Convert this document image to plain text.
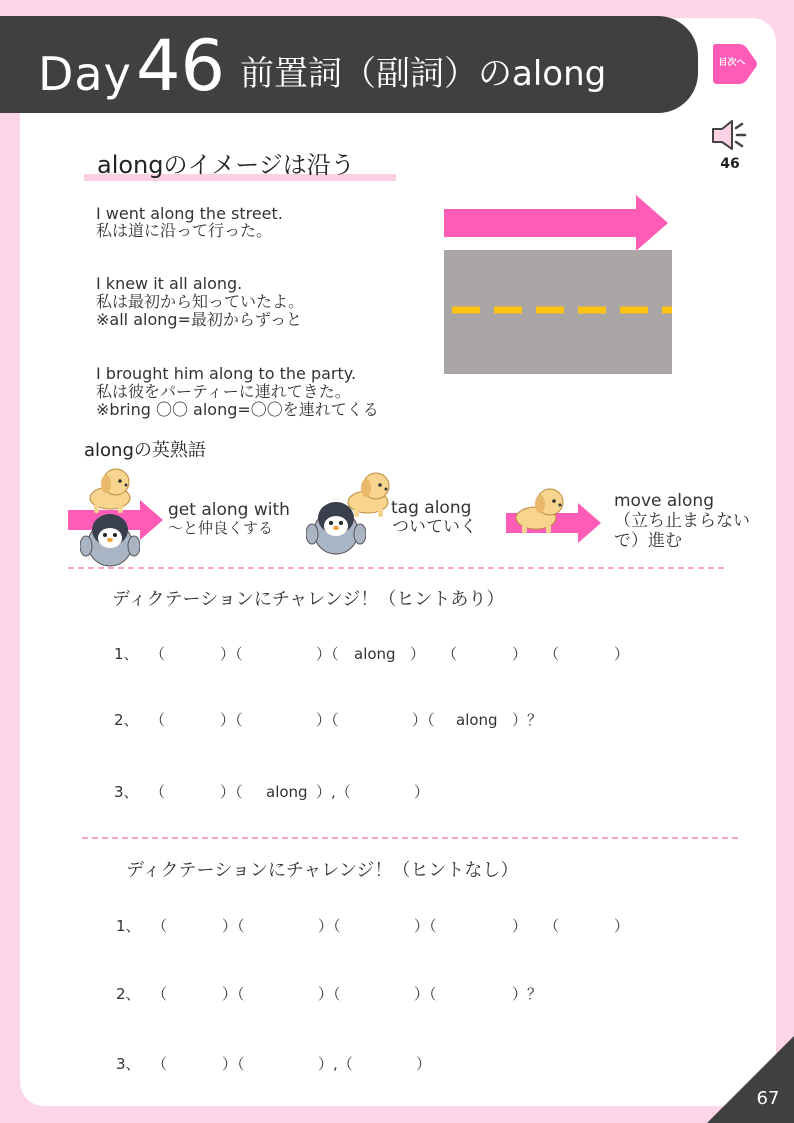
Day 46 前置詞（副詞）のalong	目次へ
46
alongのイメージは沿う
I went along the street.
私は道に沿って行った。
I knew it all along.
私は最初から知っていたよ。
※all along=最初からずっと
I brought him along to the party.
私は彼をパーティーに連れてきた。
※bring 〇〇 along=〇〇を連れてくる
alongの英熟語
get along with
～と仲良くする
tag along
ついていく
move along
（立ち止まらない
で）進む
ディクテーションにチャレンジ！（ヒントあり）
1、 （	）（	）（ along ） （	） （	）
2、 （	）（	）（	）（ along ）？
3、 （	）（ along ）,（	）
ディクテーションにチャレンジ！（ヒントなし）
1、 （	）（	）（	）（	） （	）
2、 （	）（	）（	）（	）？
3、 （	）（	）,（	）
67
